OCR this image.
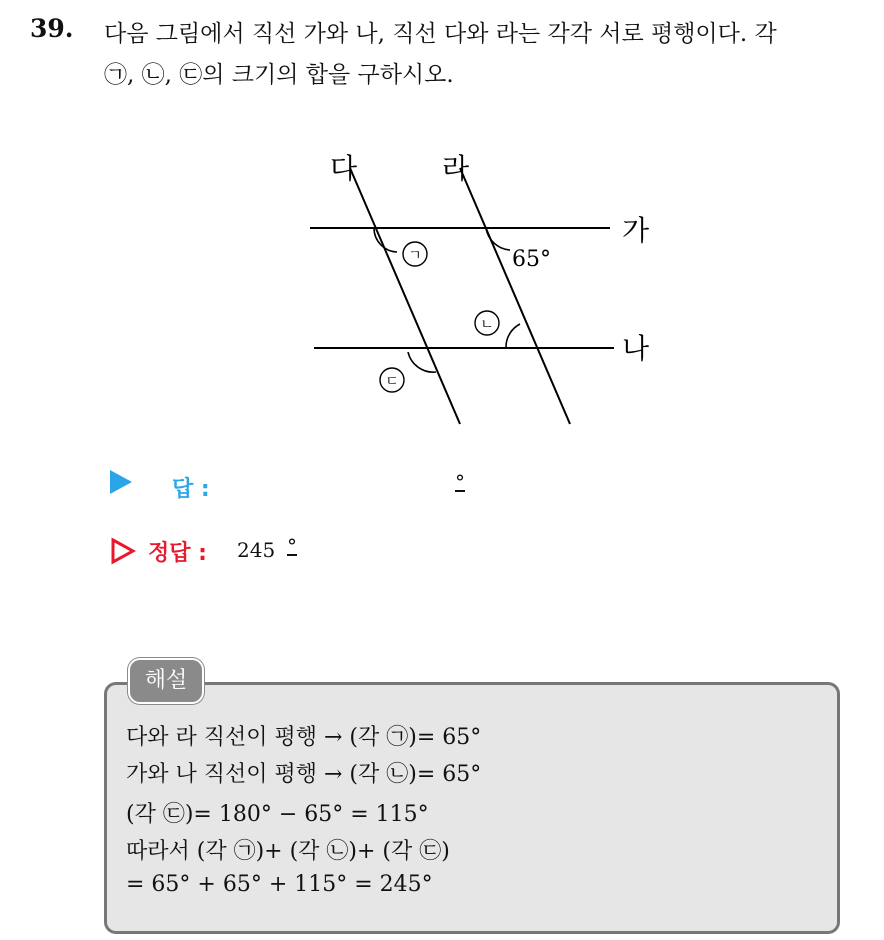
39. 다음 그림에서 직선 가와 나, 직선 다와 라는 각각 서로 평행이다. 각
㉠, ㉡, ㉢의 크기의 합을 구하시오.
다	라
가
나
65°
ㄱ
ㄴ
ㄷ
답 :	°
정답 : 245 °
해설
다와 라 직선이 평행 → (각 ㉠)= 65°
가와 나 직선이 평행 → (각 ㉡)= 65°
(각 ㉢)= 180° − 65° = 115°
따라서 (각 ㉠)+ (각 ㉡)+ (각 ㉢)
= 65° + 65° + 115° = 245°
